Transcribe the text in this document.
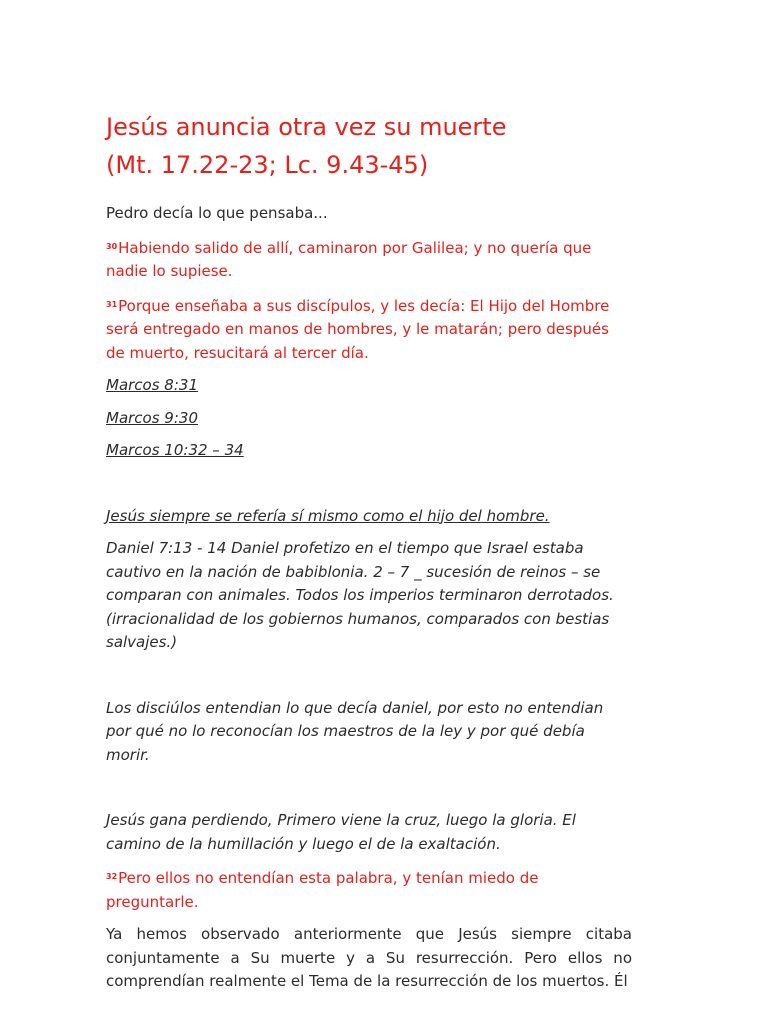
Jesús anuncia otra vez su muerte
(Mt. 17.22-23; Lc. 9.43-45)

Pedro decía lo que pensaba...

$^{30}$Habiendo salido de allí, caminaron por Galilea; y no quería que nadie lo supiese.

$^{31}$Porque enseñaba a sus discípulos, y les decía: El Hijo del Hombre será entregado en manos de hombres, y le matarán; pero después de muerto, resucitará al tercer día.

Marcos 8:31

Marcos 9:30

Marcos 10:32 – 34

Jesús siempre se refería sí mismo como el hijo del hombre.

Daniel 7:13 - 14 Daniel profetizo en el tiempo que Israel estaba cautivo en la nación de babiblonia. 2 – 7 _ sucesión de reinos – se comparan con animales. Todos los imperios terminaron derrotados. (irracionalidad de los gobiernos humanos, comparados con bestias salvajes.)

Los disciúlos entendian lo que decía daniel, por esto no entendian por qué no lo reconocían los maestros de la ley y por qué debía morir.

Jesús gana perdiendo, Primero viene la cruz, luego la gloria. El camino de la humillación y luego el de la exaltación.

$^{32}$Pero ellos no entendían esta palabra, y tenían miedo de preguntarle.

Ya hemos observado anteriormente que Jesús siempre citaba conjuntamente a Su muerte y a Su resurrección. Pero ellos no comprendían realmente el Tema de la resurrección de los muertos. Él
